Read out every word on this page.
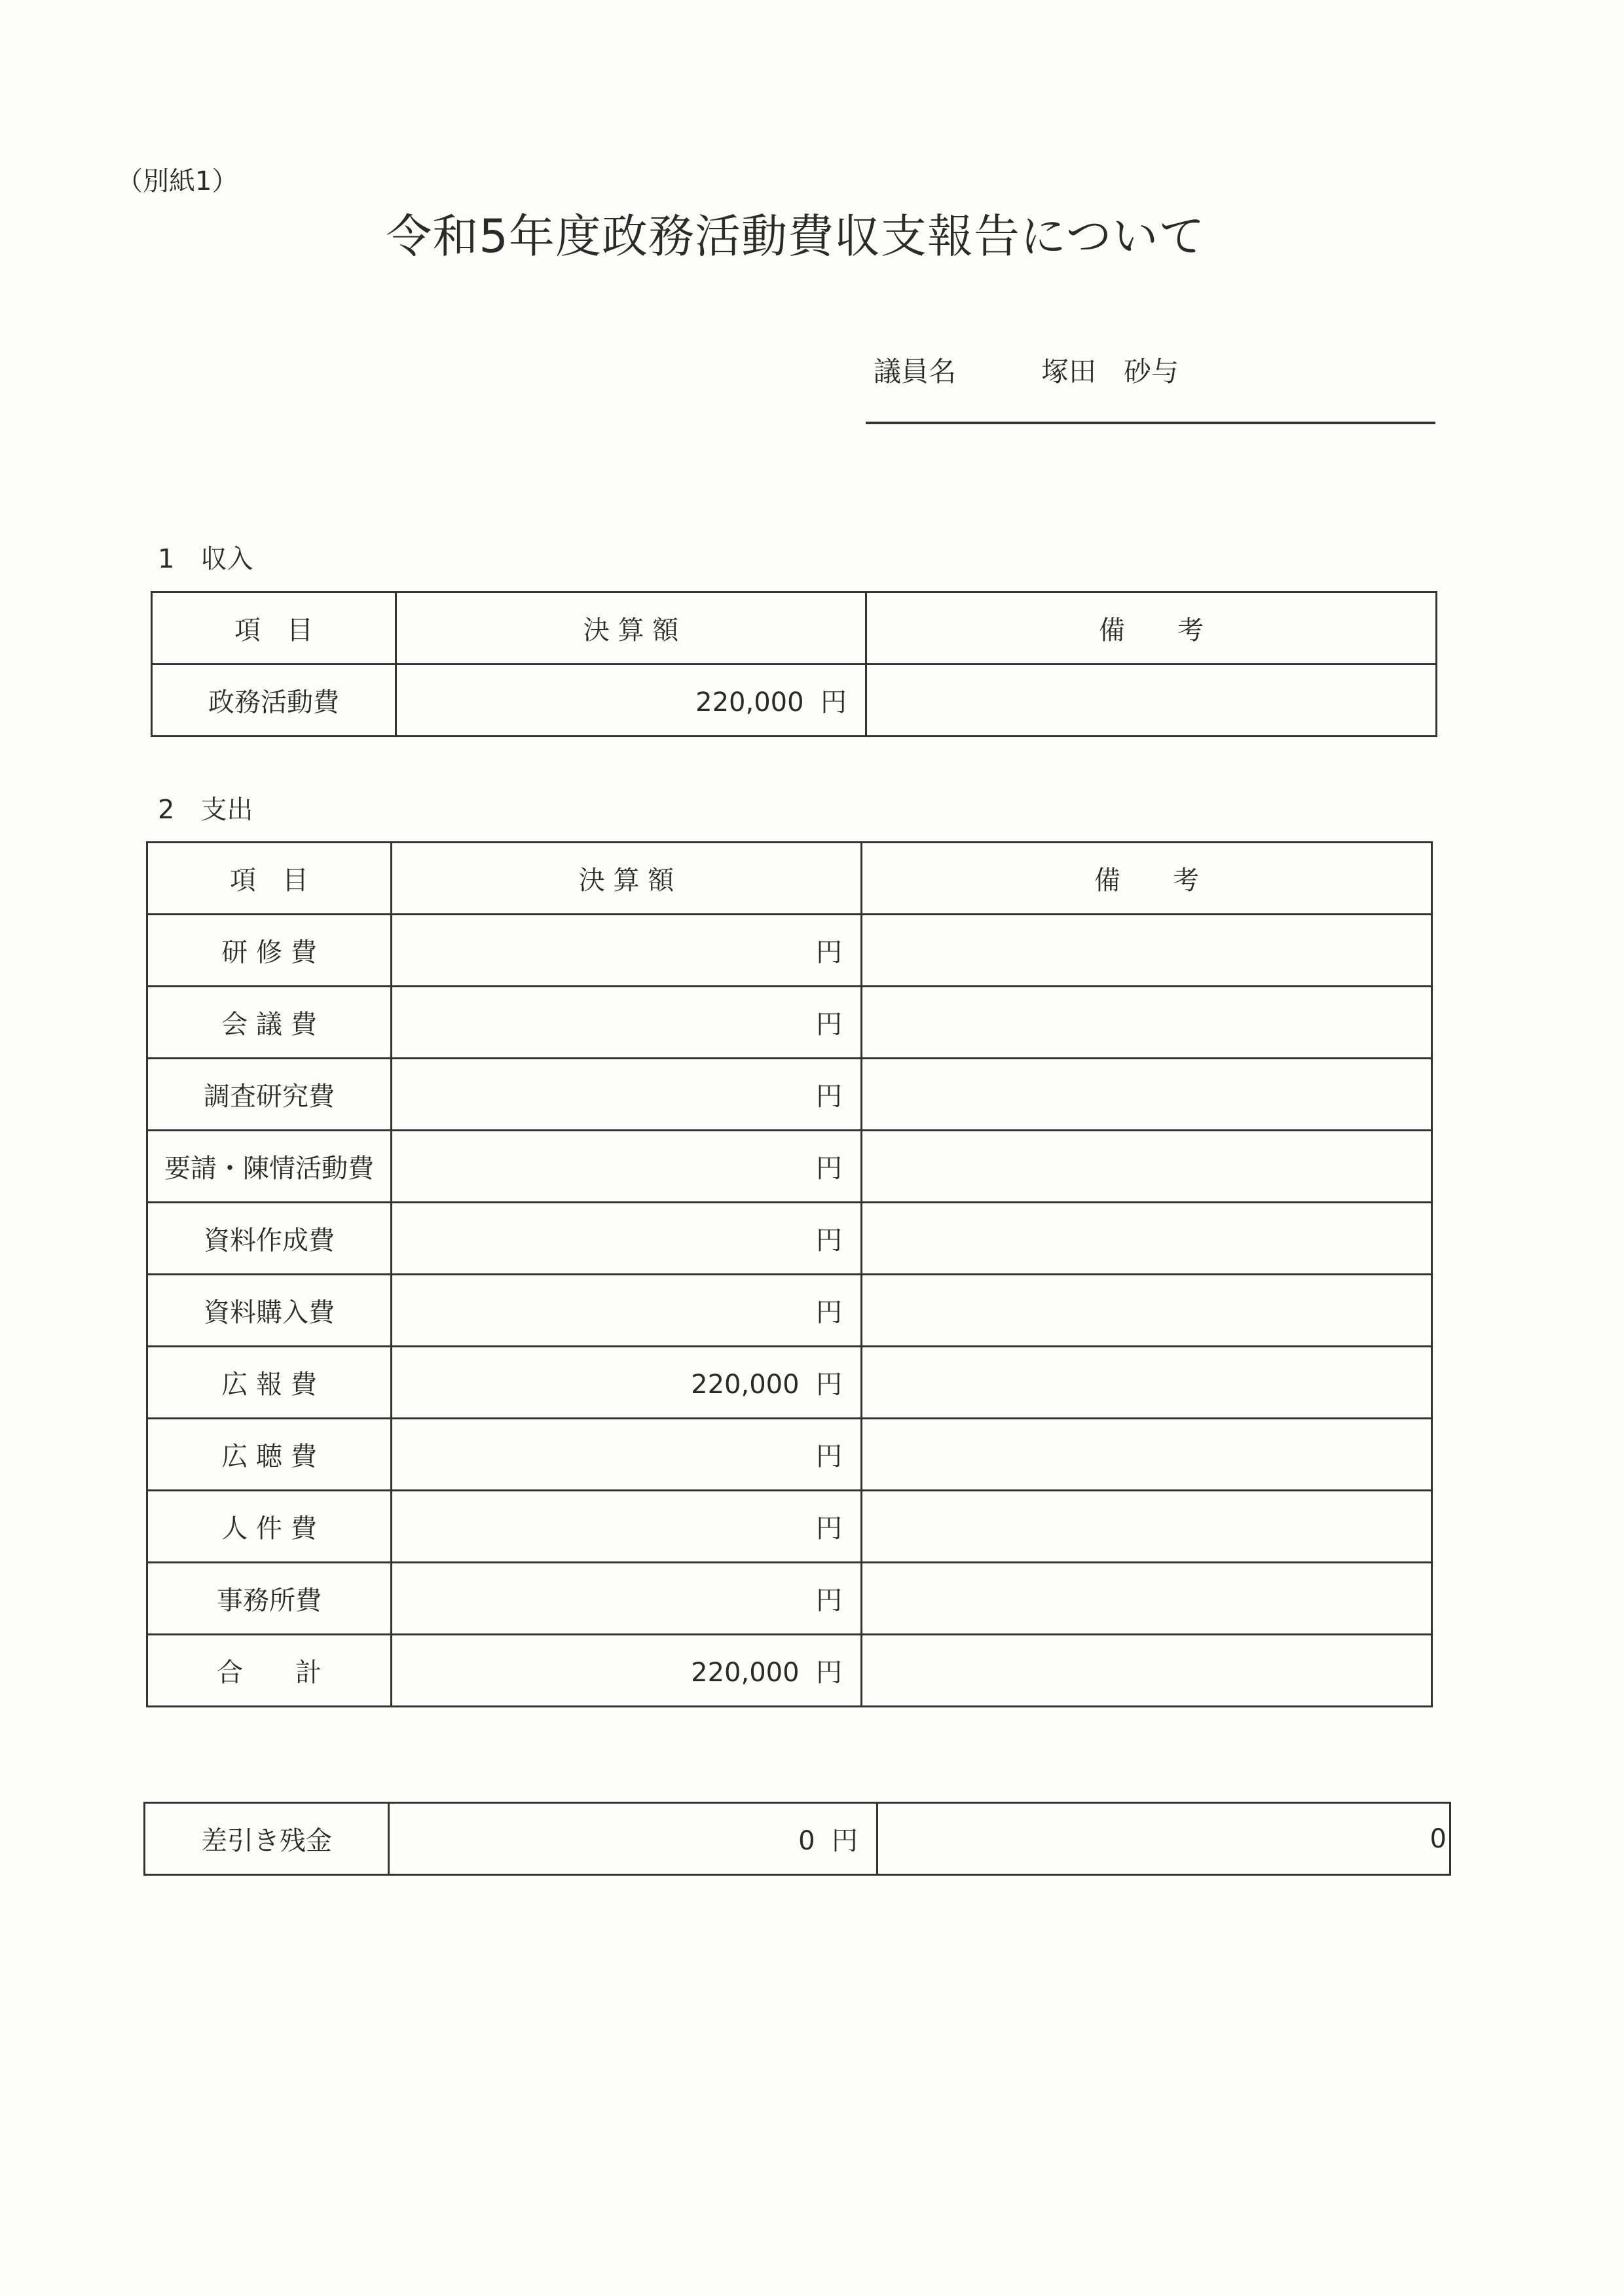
（別紙1）
令和5年度政務活動費収支報告について
議員名	塚田　砂与
1　収入
項　目	決 算 額	備　　考
政務活動費	220,000 円	
2　支出
項　目	決 算 額	備　　考
研 修 費	円	
会 議 費	円	
調査研究費	円	
要請・陳情活動費	円	
資料作成費	円	
資料購入費	円	
広 報 費	220,000 円	
広 聴 費	円	
人 件 費	円	
事務所費	円	
合　　計	220,000 円	
差引き残金	0 円	0
